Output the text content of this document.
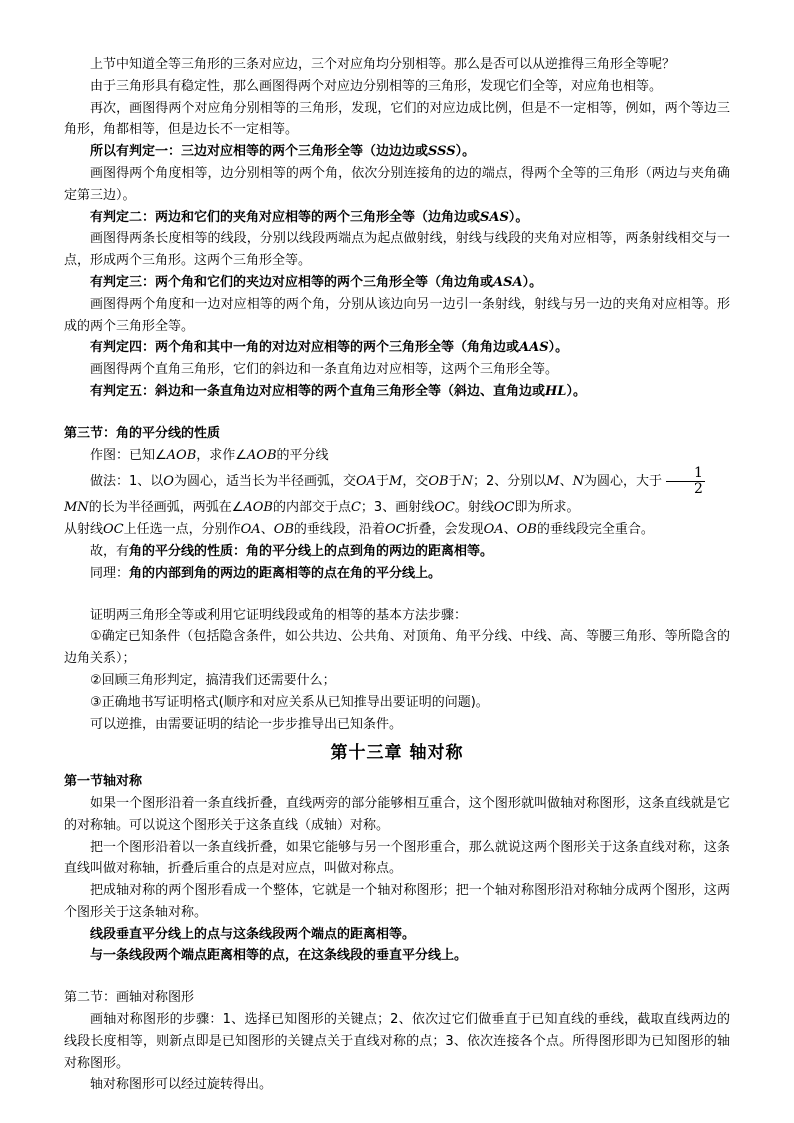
上节中知道全等三角形的三条对应边，三个对应角均分别相等。那么是否可以从逆推得三角形全等呢？

由于三角形具有稳定性，那么画图得两个对应边分别相等的三角形，发现它们全等，对应角也相等。

再次，画图得两个对应角分别相等的三角形，发现，它们的对应边成比例，但是不一定相等，例如，两个等边三角形，角都相等，但是边长不一定相等。

所以有判定一：三边对应相等的两个三角形全等（边边边或SSS）。

画图得两个角度相等，边分别相等的两个角，依次分别连接角的边的端点，得两个全等的三角形（两边与夹角确定第三边）。

有判定二：两边和它们的夹角对应相等的两个三角形全等（边角边或SAS）。

画图得两条长度相等的线段，分别以线段两端点为起点做射线，射线与线段的夹角对应相等，两条射线相交与一点，形成两个三角形。这两个三角形全等。

有判定三：两个角和它们的夹边对应相等的两个三角形全等（角边角或ASA）。

画图得两个角度和一边对应相等的两个角，分别从该边向另一边引一条射线，射线与另一边的夹角对应相等。形成的两个三角形全等。

有判定四：两个角和其中一角的对边对应相等的两个三角形全等（角角边或AAS）。

画图得两个直角三角形，它们的斜边和一条直角边对应相等，这两个三角形全等。

有判定五：斜边和一条直角边对应相等的两个直角三角形全等（斜边、直角边或HL）。

第三节：角的平分线的性质

作图：已知∠AOB，求作∠AOB的平分线

做法：1、以O为圆心，适当长为半径画弧，交OA于M，交OB于N；2、分别以M、N为圆心，大于 $\frac{1}{2}$

MN的长为半径画弧，两弧在∠AOB的内部交于点C；3、画射线OC。射线OC即为所求。

从射线OC上任选一点，分别作OA、OB的垂线段，沿着OC折叠，会发现OA、OB的垂线段完全重合。

故，有角的平分线的性质：角的平分线上的点到角的两边的距离相等。

同理：角的内部到角的两边的距离相等的点在角的平分线上。

证明两三角形全等或利用它证明线段或角的相等的基本方法步骤：

①确定已知条件（包括隐含条件，如公共边、公共角、对顶角、角平分线、中线、高、等腰三角形、等所隐含的边角关系）；

②回顾三角形判定，搞清我们还需要什么；

③正确地书写证明格式(顺序和对应关系从已知推导出要证明的问题)。

可以逆推，由需要证明的结论一步步推导出已知条件。

第十三章 轴对称

第一节轴对称

如果一个图形沿着一条直线折叠，直线两旁的部分能够相互重合，这个图形就叫做轴对称图形，这条直线就是它的对称轴。可以说这个图形关于这条直线（成轴）对称。

把一个图形沿着以一条直线折叠，如果它能够与另一个图形重合，那么就说这两个图形关于这条直线对称，这条直线叫做对称轴，折叠后重合的点是对应点，叫做对称点。

把成轴对称的两个图形看成一个整体，它就是一个轴对称图形；把一个轴对称图形沿对称轴分成两个图形，这两个图形关于这条轴对称。

线段垂直平分线上的点与这条线段两个端点的距离相等。

与一条线段两个端点距离相等的点，在这条线段的垂直平分线上。

第二节：画轴对称图形

画轴对称图形的步骤：1、选择已知图形的关键点；2、依次过它们做垂直于已知直线的垂线，截取直线两边的线段长度相等，则新点即是已知图形的关键点关于直线对称的点；3、依次连接各个点。所得图形即为已知图形的轴对称图形。

轴对称图形可以经过旋转得出。
